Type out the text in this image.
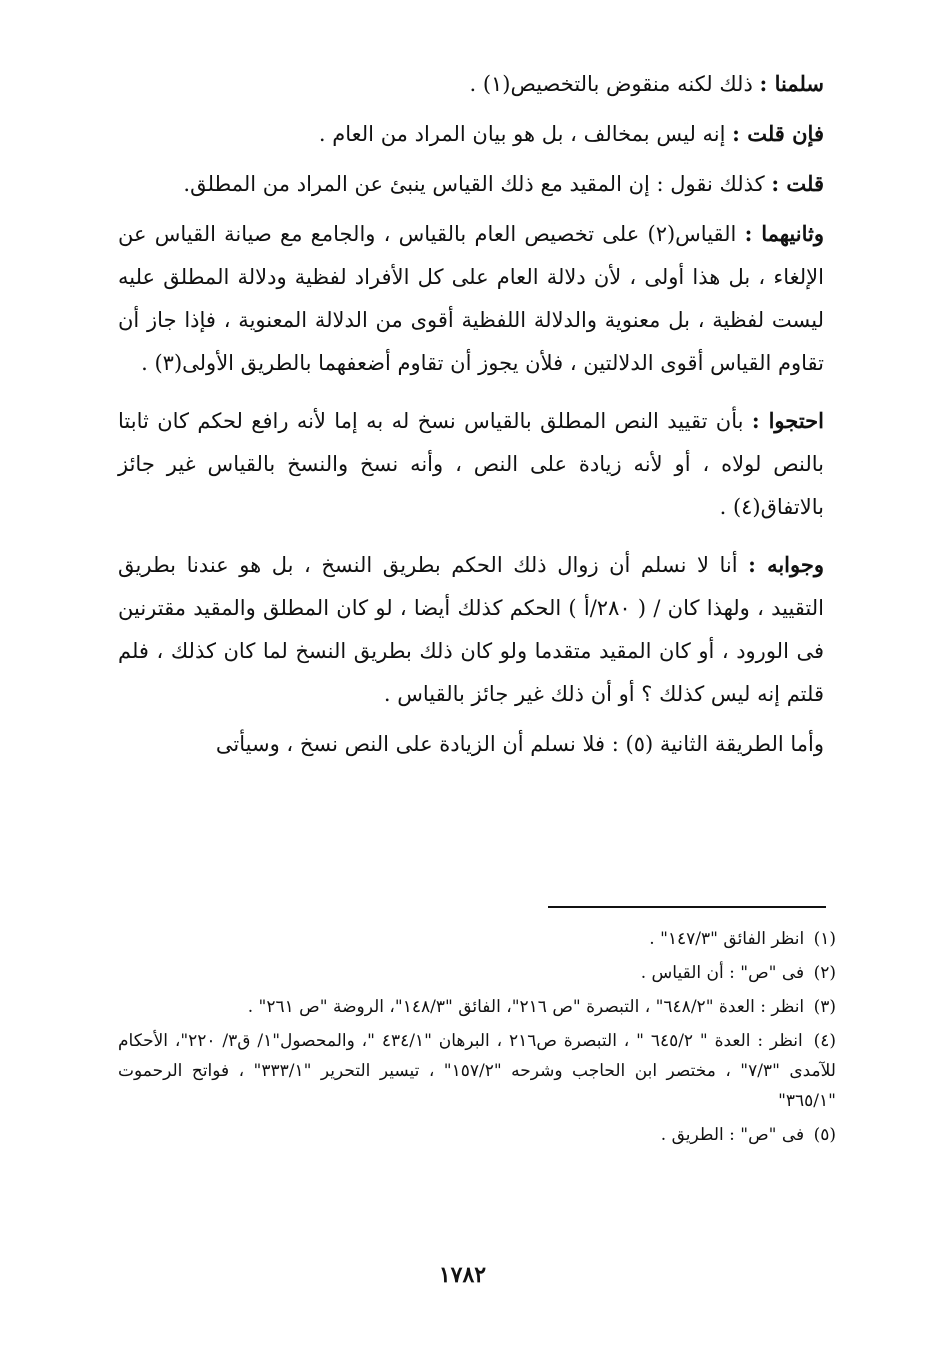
سلمنا : ذلك لكنه منقوض بالتخصيص(١) .

فإن قلت : إنه ليس بمخالف ، بل هو بيان المراد من العام .

قلت : كذلك نقول : إن المقيد مع ذلك القياس ينبئ عن المراد من المطلق.

وثانيهما : القياس(٢) على تخصيص العام بالقياس ، والجامع مع صيانة القياس عن الإلغاء ، بل هذا أولى ، لأن دلالة العام على كل الأفراد لفظية ودلالة المطلق عليه ليست لفظية ، بل معنوية والدلالة اللفظية أقوى من الدلالة المعنوية ، فإذا جاز أن تقاوم القياس أقوى الدلالتين ، فلأن يجوز أن تقاوم أضعفهما بالطريق الأولى(٣) .

احتجوا : بأن تقييد النص المطلق بالقياس نسخ له به إما لأنه رافع لحكم كان ثابتا بالنص لولاه ، أو لأنه زيادة على النص ، وأنه نسخ والنسخ بالقياس غير جائز بالاتفاق(٤) .

وجوابه : أنا لا نسلم أن زوال ذلك الحكم بطريق النسخ ، بل هو عندنا بطريق التقييد ، ولهذا كان / ( ٢٨٠/أ ) الحكم كذلك أيضا ، لو كان المطلق والمقيد مقترنين فى الورود ، أو كان المقيد متقدما ولو كان ذلك بطريق النسخ لما كان كذلك ، فلم قلتم إنه ليس كذلك ؟ أو أن ذلك غير جائز بالقياس .

وأما الطريقة الثانية (٥) : فلا نسلم أن الزيادة على النص نسخ ، وسيأتى

(١) انظر الفائق "١٤٧/٣" .

(٢) فى "ص" : أن القياس .

(٣) انظر : العدة "٦٤٨/٢" ، التبصرة "ص ٢١٦"، الفائق "١٤٨/٣"، الروضة "ص ٢٦١" .

(٤) انظر : العدة " ٦٤٥/٢ " ، التبصرة ص٢١٦ ، البرهان "٤٣٤/١ "، والمحصول"١/ ق٣/ ٢٢٠"، الأحكام للآمدى "٧/٣" ، مختصر ابن الحاجب وشرحه "١٥٧/٢" ، تيسير التحرير "٣٣٣/١" ، فواتح الرحموت "٣٦٥/١"

(٥) فى "ص" : الطريق .

١٧٨٢
